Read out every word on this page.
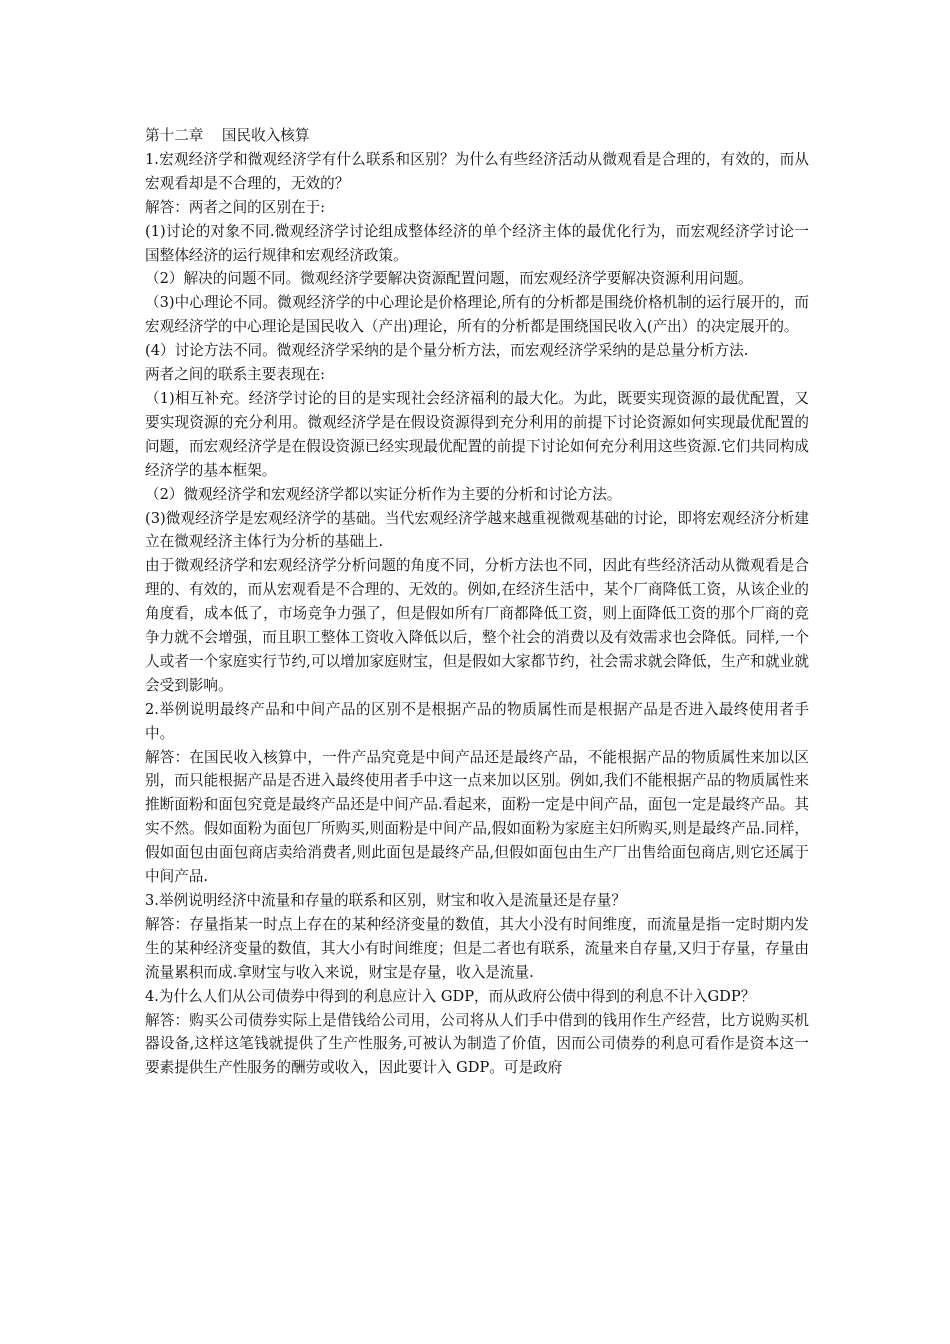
第十二章    国民收入核算

1.宏观经济学和微观经济学有什么联系和区别？为什么有些经济活动从微观看是合理的，有效的，而从宏观看却是不合理的，无效的？

解答：两者之间的区别在于:

(1)讨论的对象不同.微观经济学讨论组成整体经济的单个经济主体的最优化行为，而宏观经济学讨论一国整体经济的运行规律和宏观经济政策。

（2）解决的问题不同。微观经济学要解决资源配置问题，而宏观经济学要解决资源利用问题。

（3)中心理论不同。微观经济学的中心理论是价格理论,所有的分析都是围绕价格机制的运行展开的，而宏观经济学的中心理论是国民收入（产出)理论，所有的分析都是围绕国民收入(产出）的决定展开的。

(4）讨论方法不同。微观经济学采纳的是个量分析方法，而宏观经济学采纳的是总量分析方法.

两者之间的联系主要表现在:

（1)相互补充。经济学讨论的目的是实现社会经济福利的最大化。为此，既要实现资源的最优配置，又要实现资源的充分利用。微观经济学是在假设资源得到充分利用的前提下讨论资源如何实现最优配置的问题，而宏观经济学是在假设资源已经实现最优配置的前提下讨论如何充分利用这些资源.它们共同构成经济学的基本框架。

（2）微观经济学和宏观经济学都以实证分析作为主要的分析和讨论方法。

(3)微观经济学是宏观经济学的基础。当代宏观经济学越来越重视微观基础的讨论，即将宏观经济分析建立在微观经济主体行为分析的基础上.

由于微观经济学和宏观经济学分析问题的角度不同，分析方法也不同，因此有些经济活动从微观看是合理的、有效的，而从宏观看是不合理的、无效的。例如,在经济生活中，某个厂商降低工资，从该企业的角度看，成本低了，市场竞争力强了，但是假如所有厂商都降低工资，则上面降低工资的那个厂商的竞争力就不会增强，而且职工整体工资收入降低以后，整个社会的消费以及有效需求也会降低。同样,一个人或者一个家庭实行节约,可以增加家庭财宝，但是假如大家都节约，社会需求就会降低，生产和就业就会受到影响。

2.举例说明最终产品和中间产品的区别不是根据产品的物质属性而是根据产品是否进入最终使用者手中。

解答：在国民收入核算中，一件产品究竟是中间产品还是最终产品，不能根据产品的物质属性来加以区别，而只能根据产品是否进入最终使用者手中这一点来加以区别。例如,我们不能根据产品的物质属性来推断面粉和面包究竟是最终产品还是中间产品.看起来，面粉一定是中间产品，面包一定是最终产品。其实不然。假如面粉为面包厂所购买,则面粉是中间产品,假如面粉为家庭主妇所购买,则是最终产品.同样，假如面包由面包商店卖给消费者,则此面包是最终产品,但假如面包由生产厂出售给面包商店,则它还属于中间产品.

3.举例说明经济中流量和存量的联系和区别，财宝和收入是流量还是存量？

解答：存量指某一时点上存在的某种经济变量的数值，其大小没有时间维度，而流量是指一定时期内发生的某种经济变量的数值，其大小有时间维度；但是二者也有联系，流量来自存量,又归于存量，存量由流量累积而成.拿财宝与收入来说，财宝是存量，收入是流量.

4.为什么人们从公司债券中得到的利息应计入 GDP，而从政府公债中得到的利息不计入GDP？

解答：购买公司债券实际上是借钱给公司用，公司将从人们手中借到的钱用作生产经营，比方说购买机器设备,这样这笔钱就提供了生产性服务,可被认为制造了价值，因而公司债券的利息可看作是资本这一要素提供生产性服务的酬劳或收入，因此要计入 GDP。可是政府
